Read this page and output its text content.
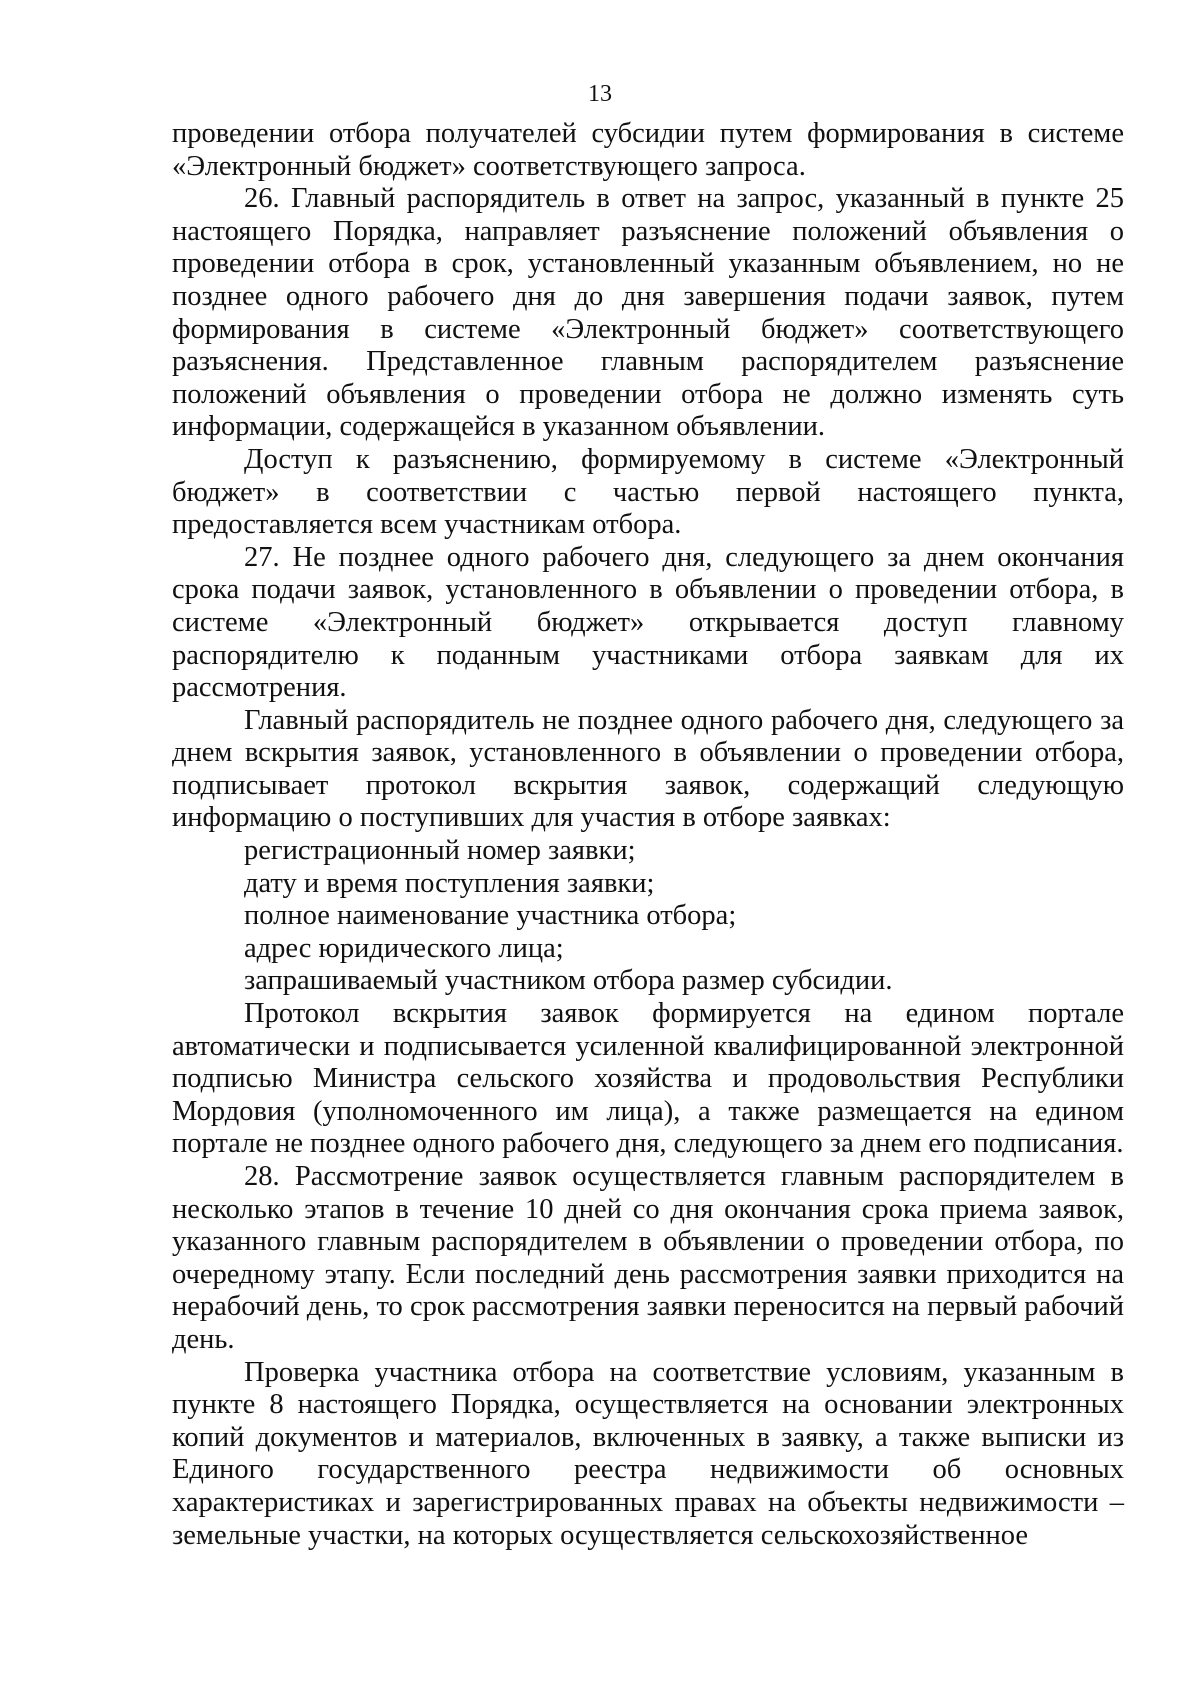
13

проведении отбора получателей субсидии путем формирования в системе «Электронный бюджет» соответствующего запроса.

26. Главный распорядитель в ответ на запрос, указанный в пункте 25 настоящего Порядка, направляет разъяснение положений объявления о проведении отбора в срок, установленный указанным объявлением, но не позднее одного рабочего дня до дня завершения подачи заявок, путем формирования в системе «Электронный бюджет» соответствующего разъяснения. Представленное главным распорядителем разъяснение положений объявления о проведении отбора не должно изменять суть информации, содержащейся в указанном объявлении.

Доступ к разъяснению, формируемому в системе «Электронный бюджет» в соответствии с частью первой настоящего пункта, предоставляется всем участникам отбора.

27. Не позднее одного рабочего дня, следующего за днем окончания срока подачи заявок, установленного в объявлении о проведении отбора, в системе «Электронный бюджет» открывается доступ главному распорядителю к поданным участниками отбора заявкам для их рассмотрения.

Главный распорядитель не позднее одного рабочего дня, следующего за днем вскрытия заявок, установленного в объявлении о проведении отбора, подписывает протокол вскрытия заявок, содержащий следующую информацию о поступивших для участия в отборе заявках:

регистрационный номер заявки;

дату и время поступления заявки;

полное наименование участника отбора;

адрес юридического лица;

запрашиваемый участником отбора размер субсидии.

Протокол вскрытия заявок формируется на едином портале автоматически и подписывается усиленной квалифицированной электронной подписью Министра сельского хозяйства и продовольствия Республики Мордовия (уполномоченного им лица), а также размещается на едином портале не позднее одного рабочего дня, следующего за днем его подписания.

28. Рассмотрение заявок осуществляется главным распорядителем в несколько этапов в течение 10 дней со дня окончания срока приема заявок, указанного главным распорядителем в объявлении о проведении отбора, по очередному этапу. Если последний день рассмотрения заявки приходится на нерабочий день, то срок рассмотрения заявки переносится на первый рабочий день.

Проверка участника отбора на соответствие условиям, указанным в пункте 8 настоящего Порядка, осуществляется на основании электронных копий документов и материалов, включенных в заявку, а также выписки из Единого государственного реестра недвижимости об основных характеристиках и зарегистрированных правах на объекты недвижимости – земельные участки, на которых осуществляется сельскохозяйственное
